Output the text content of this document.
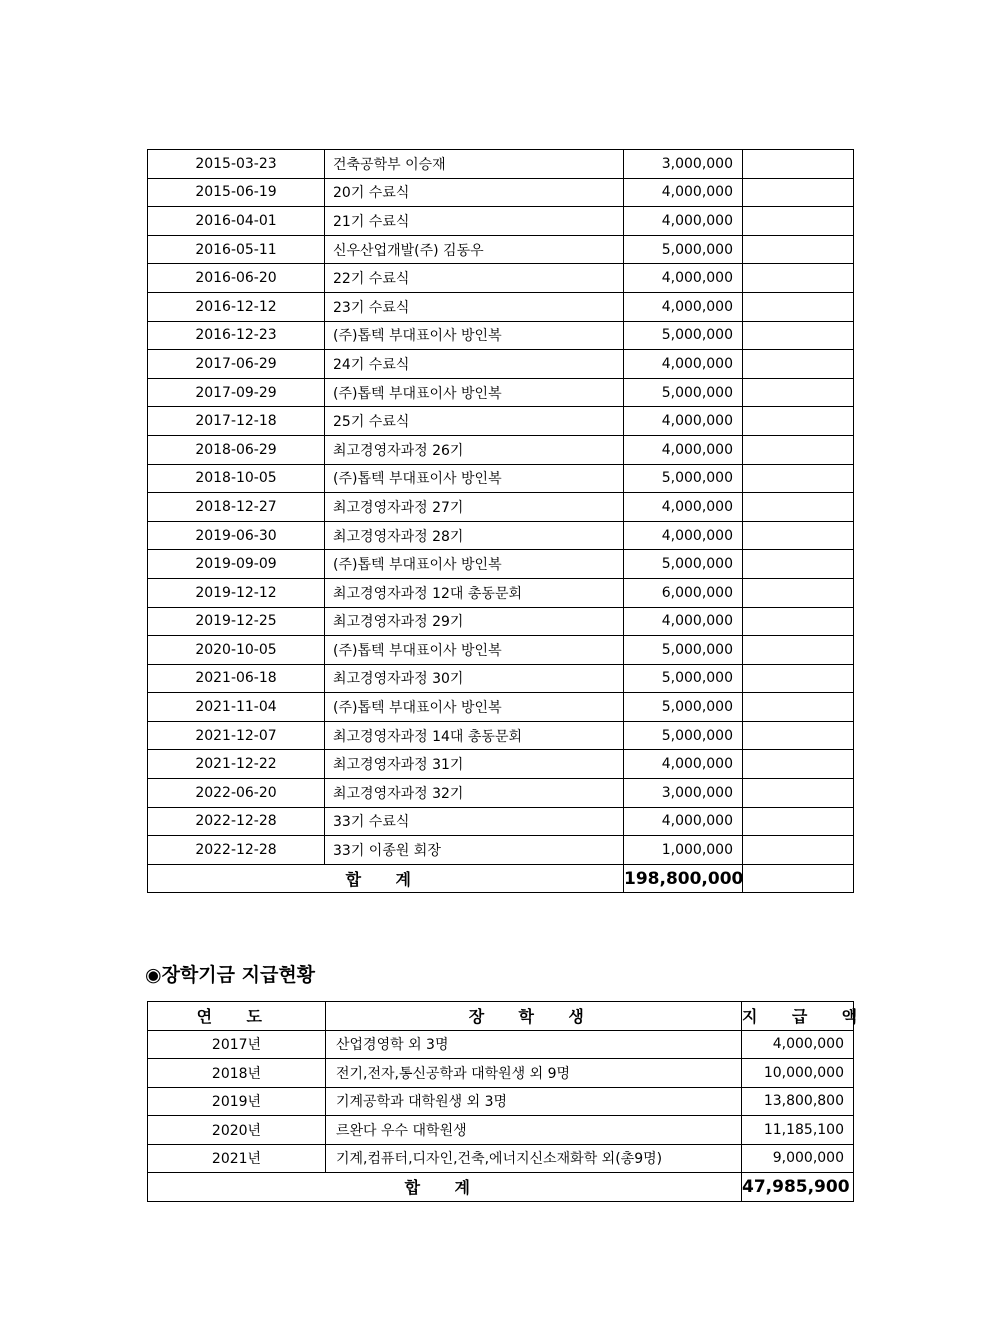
2015-03-23	건축공학부 이승재	3,000,000	
2015-06-19	20기 수료식	4,000,000	
2016-04-01	21기 수료식	4,000,000	
2016-05-11	신우산업개발(주) 김동우	5,000,000	
2016-06-20	22기 수료식	4,000,000	
2016-12-12	23기 수료식	4,000,000	
2016-12-23	(주)톱텍 부대표이사 방인복	5,000,000	
2017-06-29	24기 수료식	4,000,000	
2017-09-29	(주)톱텍 부대표이사 방인복	5,000,000	
2017-12-18	25기 수료식	4,000,000	
2018-06-29	최고경영자과정 26기	4,000,000	
2018-10-05	(주)톱텍 부대표이사 방인복	5,000,000	
2018-12-27	최고경영자과정 27기	4,000,000	
2019-06-30	최고경영자과정 28기	4,000,000	
2019-09-09	(주)톱텍 부대표이사 방인복	5,000,000	
2019-12-12	최고경영자과정 12대 총동문회	6,000,000	
2019-12-25	최고경영자과정 29기	4,000,000	
2020-10-05	(주)톱텍 부대표이사 방인복	5,000,000	
2021-06-18	최고경영자과정 30기	5,000,000	
2021-11-04	(주)톱텍 부대표이사 방인복	5,000,000	
2021-12-07	최고경영자과정 14대 총동문회	5,000,000	
2021-12-22	최고경영자과정 31기	4,000,000	
2022-06-20	최고경영자과정 32기	3,000,000	
2022-12-28	33기 수료식	4,000,000	
2022-12-28	33기 이종원 회장	1,000,000	
합 계		198,800,000	
◉장학기금 지급현황
연 도	장 학 생	지 급 액
2017년	산업경영학 외 3명	4,000,000
2018년	전기,전자,통신공학과 대학원생 외 9명	10,000,000
2019년	기계공학과 대학원생 외 3명	13,800,800
2020년	르완다 우수 대학원생	11,185,100
2021년	기계,컴퓨터,디자인,건축,에너지신소재화학 외(총9명)	9,000,000
합 계		47,985,900
